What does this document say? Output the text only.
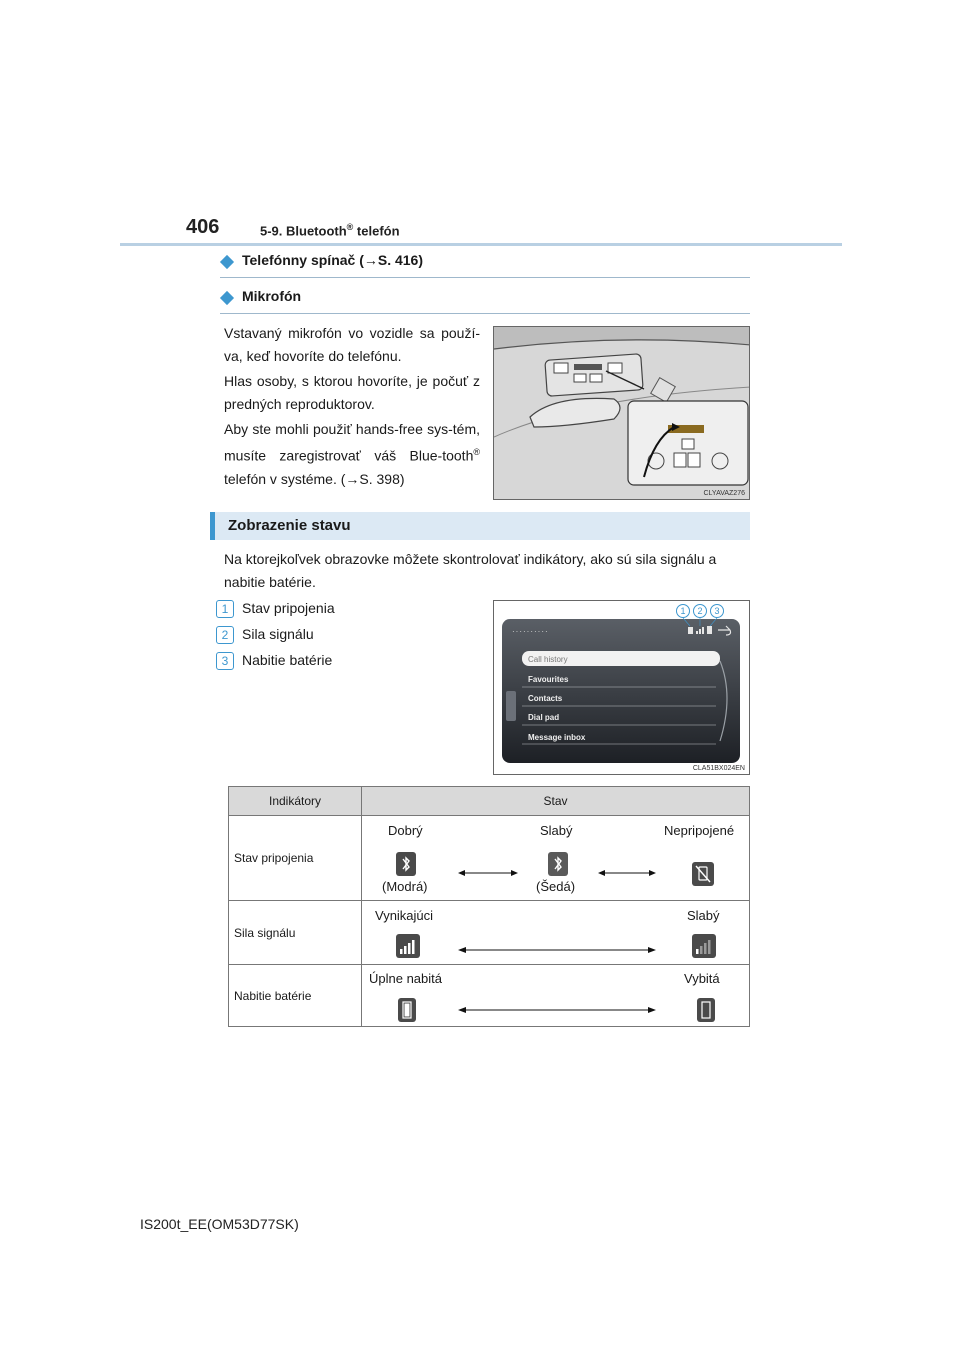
406	5-9. Bluetooth® telefón
Telefónny spínač (→S. 416)
Mikrofón

Vstavaný mikrofón vo vozidle sa použí-va, keď hovoríte do telefónu.

Hlas osoby, s ktorou hovoríte, je počuť z predných reproduktorov.

Aby ste mohli použiť hands-free sys-tém, musíte zaregistrovať váš Blue-tooth® telefón v systéme. (→S. 398)

CLYAVAZ276
Zobrazenie stavu

Na ktorejkoľvek obrazovke môžete skontrolovať indikátory, ako sú sila signálu a nabitie batérie.

1 Stav pripojenia
2 Sila signálu
3 Nabitie batérie
1 2 3
··········
Call history
Favourites
Contacts
Dial pad
Message inbox
CLA51BX024EN
Indikátory	Stav
Stav pripojenia	Dobrý Slabý Nepripojené
(Modrá) (Šedá)

Sila signálu	Vynikajúci Slabý

Nabitie batérie	Úplne nabitá Vybitá
IS200t_EE(OM53D77SK)
